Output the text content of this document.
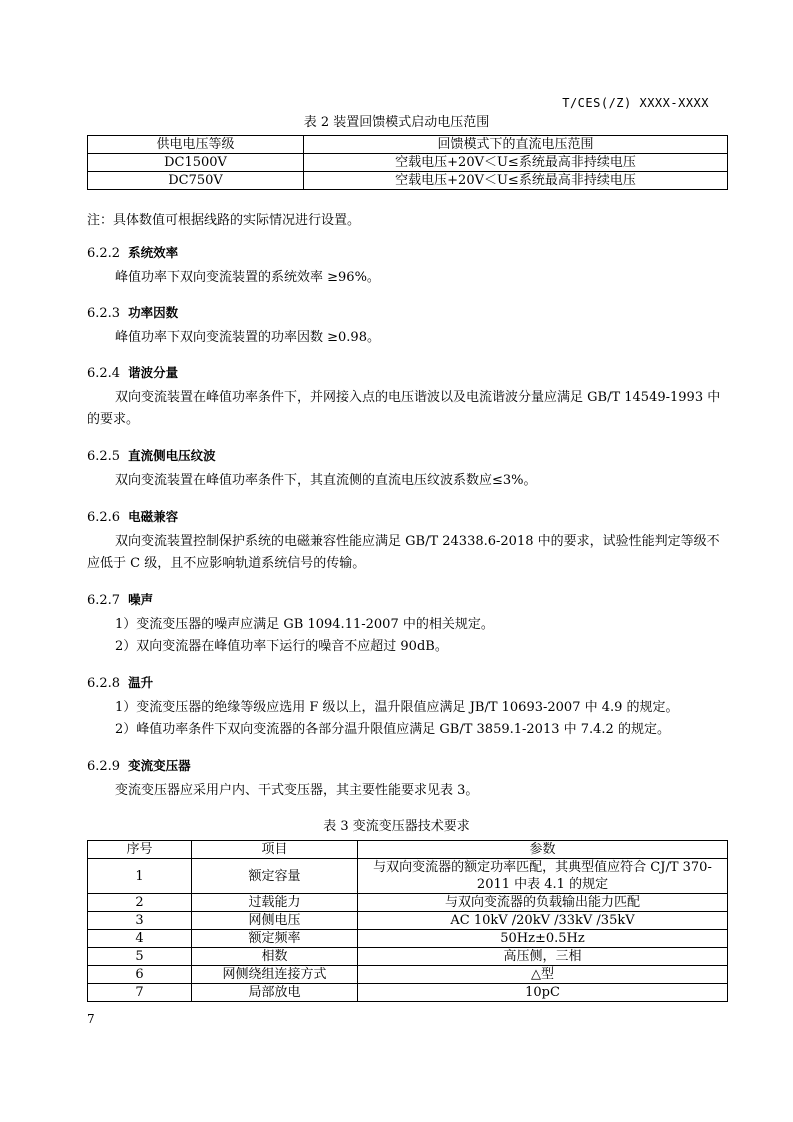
T/CES(/Z) XXXX-XXXX
表 2 装置回馈模式启动电压范围
供电电压等级	回馈模式下的直流电压范围
DC1500V	空载电压+20V＜U≤系统最高非持续电压
DC750V	空载电压+20V＜U≤系统最高非持续电压
注：具体数值可根据线路的实际情况进行设置。
6.2.2 系统效率
峰值功率下双向变流装置的系统效率 ≥96%。
6.2.3 功率因数
峰值功率下双向变流装置的功率因数 ≥0.98。
6.2.4 谐波分量
双向变流装置在峰值功率条件下，并网接入点的电压谐波以及电流谐波分量应满足 GB/T 14549-1993 中的要求。
6.2.5 直流侧电压纹波
双向变流装置在峰值功率条件下，其直流侧的直流电压纹波系数应≤3%。
6.2.6 电磁兼容
双向变流装置控制保护系统的电磁兼容性能应满足 GB/T 24338.6-2018 中的要求，试验性能判定等级不应低于 C 级，且不应影响轨道系统信号的传输。
6.2.7 噪声
1）变流变压器的噪声应满足 GB 1094.11-2007 中的相关规定。
2）双向变流器在峰值功率下运行的噪音不应超过 90dB。
6.2.8 温升
1）变流变压器的绝缘等级应选用 F 级以上，温升限值应满足 JB/T 10693-2007 中 4.9 的规定。
2）峰值功率条件下双向变流器的各部分温升限值应满足 GB/T 3859.1-2013 中 7.4.2 的规定。
6.2.9 变流变压器
变流变压器应采用户内、干式变压器，其主要性能要求见表 3。
表 3 变流变压器技术要求
序号	项目	参数
1	额定容量	与双向变流器的额定功率匹配，其典型值应符合 CJ/T 370-2011 中表 4.1 的规定
2	过载能力	与双向变流器的负载输出能力匹配
3	网侧电压	AC 10kV /20kV /33kV /35kV
4	额定频率	50Hz±0.5Hz
5	相数	高压侧，三相
6	网侧绕组连接方式	△型
7	局部放电	10pC
7
